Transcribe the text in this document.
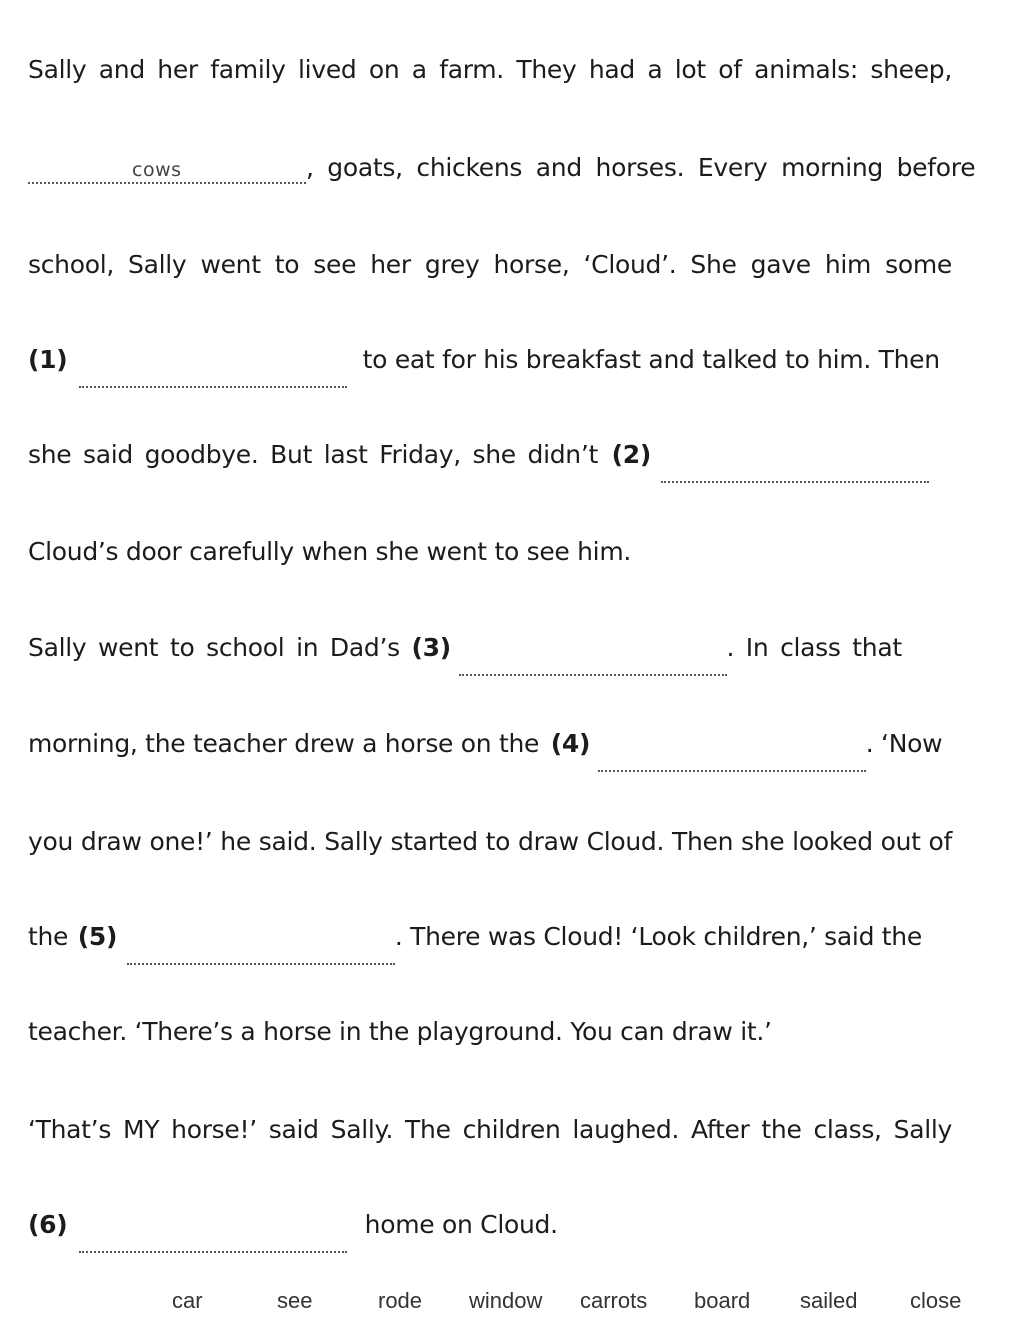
Sally and her family lived on a farm. They had a lot of animals: sheep,
cows	, goats, chickens and horses. Every morning before
school, Sally went to see her grey horse, ‘Cloud’. She gave him some
(1)	to eat for his breakfast and talked to him. Then
she said goodbye. But last Friday, she didn’t (2)
Cloud’s door carefully when she went to see him.
Sally went to school in Dad’s (3)	. In class that
morning, the teacher drew a horse on the (4)	. ‘Now
you draw one!’ he said. Sally started to draw Cloud. Then she looked out of
the (5)	. There was Cloud! ‘Look children,’ said the
teacher. ‘There’s a horse in the playground. You can draw it.’
‘That’s MY horse!’ said Sally. The children laughed. After the class, Sally
(6)	home on Cloud.
car	see	rode window carrots board sailed close
